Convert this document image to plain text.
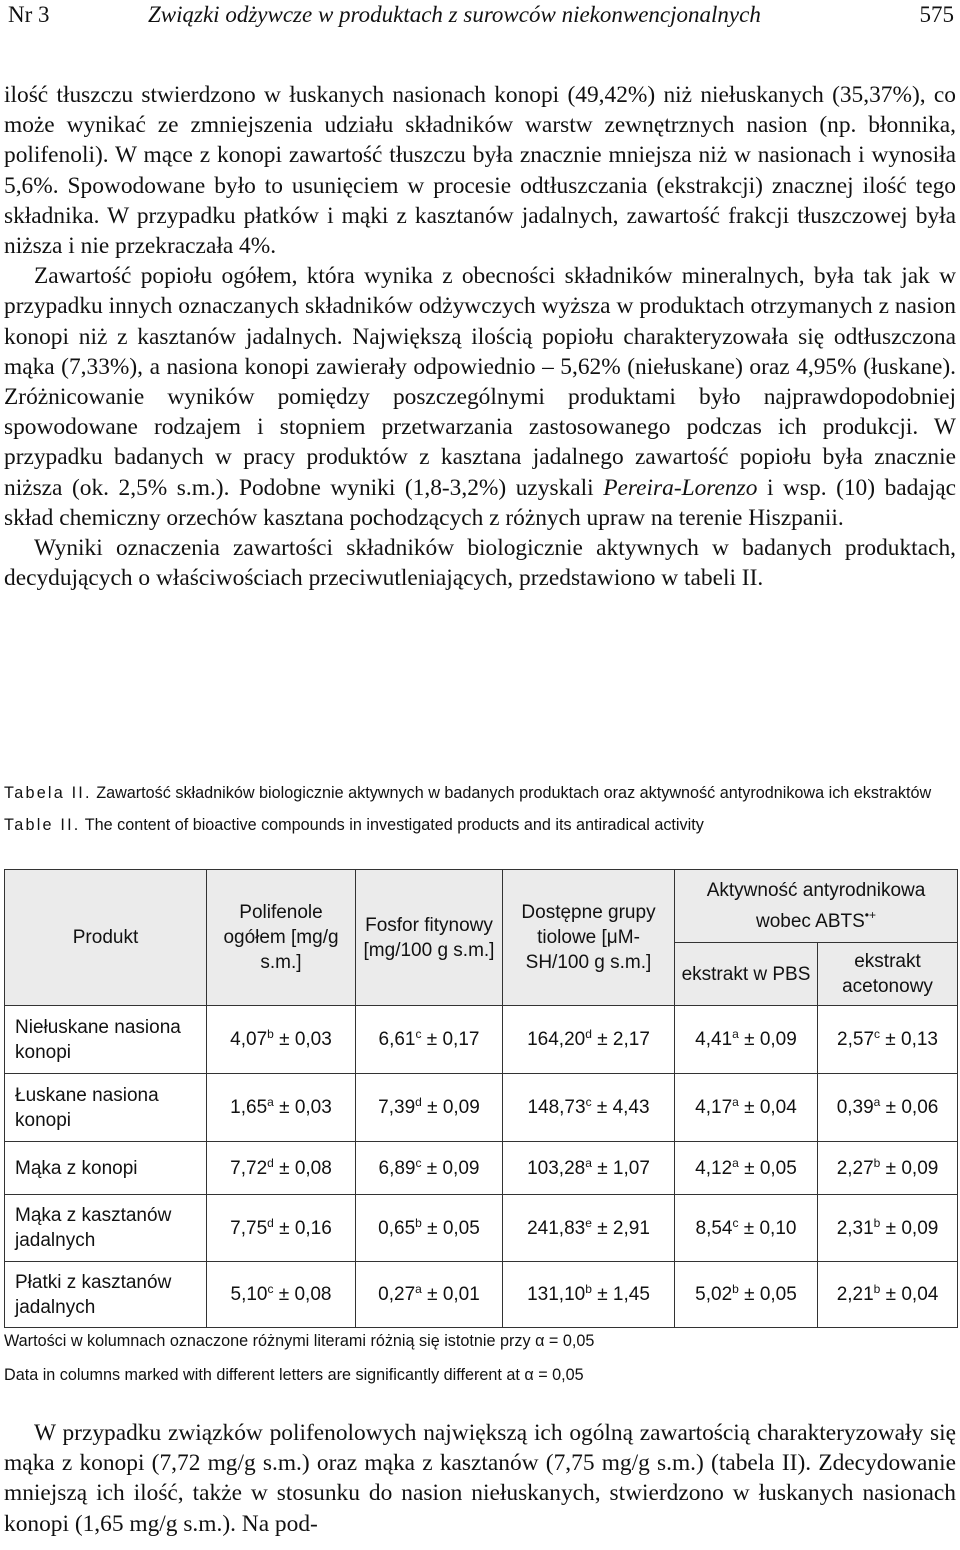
Nr 3	Związki odżywcze w produktach z surowców niekonwencjonalnych	575

ilość tłuszczu stwierdzono w łuskanych nasionach konopi (49,42%) niż niełuskanych (35,37%), co może wynikać ze zmniejszenia udziału składników warstw zewnętrznych nasion (np. błonnika, polifenoli). W mące z konopi zawartość tłuszczu była znacznie mniejsza niż w nasionach i wynosiła 5,6%. Spowodowane było to usunięciem w procesie odtłuszczania (ekstrakcji) znacznej ilość tego składnika. W przypadku płatków i mąki z kasztanów jadalnych, zawartość frakcji tłuszczowej była niższa i nie przekraczała 4%.

Zawartość popiołu ogółem, która wynika z obecności składników mineralnych, była tak jak w przypadku innych oznaczanych składników odżywczych wyższa w produktach otrzymanych z nasion konopi niż z kasztanów jadalnych. Największą ilością popiołu charakteryzowała się odtłuszczona mąka (7,33%), a nasiona konopi zawierały odpowiednio – 5,62% (niełuskane) oraz 4,95% (łuskane). Zróżnicowanie wyników pomiędzy poszczególnymi produktami było najprawdopodobniej spowodowane rodzajem i stopniem przetwarzania zastosowanego podczas ich produkcji. W przypadku badanych w pracy produktów z kasztana jadalnego zawartość popiołu była znacznie niższa (ok. 2,5% s.m.). Podobne wyniki (1,8-3,2%) uzyskali Pereira-Lorenzo i wsp. (10) badając skład chemiczny orzechów kasztana pochodzących z różnych upraw na terenie Hiszpanii.

Wyniki oznaczenia zawartości składników biologicznie aktywnych w badanych produktach, decydujących o właściwościach przeciwutleniających, przedstawiono w tabeli II.

Tabela II. Zawartość składników biologicznie aktywnych w badanych produktach oraz aktywność antyrodnikowa ich ekstraktów
Table II. The content of bioactive compounds in investigated products and its antiradical activity
Produkt	Polifenole ogółem [mg/g s.m.]	Fosfor fitynowy [mg/100 g s.m.]	Dostępne grupy tiolowe [μM-SH/100 g s.m.]	Aktywność antyrodnikowa wobec ABTS•+
				ekstrakt w PBS	ekstrakt acetonowy
Niełuskane nasiona konopi	4,07$^b$ ± 0,03	6,61$^c$ ± 0,17	164,20$^d$ ± 2,17	4,41$^a$ ± 0,09	2,57$^c$ ± 0,13
Łuskane nasiona konopi	1,65$^a$ ± 0,03	7,39$^d$ ± 0,09	148,73$^c$ ± 4,43	4,17$^a$ ± 0,04	0,39$^a$ ± 0,06
Mąka z konopi	7,72$^d$ ± 0,08	6,89$^c$ ± 0,09	103,28$^a$ ± 1,07	4,12$^a$ ± 0,05	2,27$^b$ ± 0,09
Mąka z kasztanów jadalnych	7,75$^d$ ± 0,16	0,65$^b$ ± 0,05	241,83$^e$ ± 2,91	8,54$^c$ ± 0,10	2,31$^b$ ± 0,09
Płatki z kasztanów jadalnych	5,10$^c$ ± 0,08	0,27$^a$ ± 0,01	131,10$^b$ ± 1,45	5,02$^b$ ± 0,05	2,21$^b$ ± 0,04
Wartości w kolumnach oznaczone różnymi literami różnią się istotnie przy α = 0,05
Data in columns marked with different letters are significantly different at α = 0,05

W przypadku związków polifenolowych największą ich ogólną zawartością charakteryzowały się mąka z konopi (7,72 mg/g s.m.) oraz mąka z kasztanów (7,75 mg/g s.m.) (tabela II). Zdecydowanie mniejszą ich ilość, także w stosunku do nasion niełuskanych, stwierdzono w łuskanych nasionach konopi (1,65 mg/g s.m.). Na pod-
